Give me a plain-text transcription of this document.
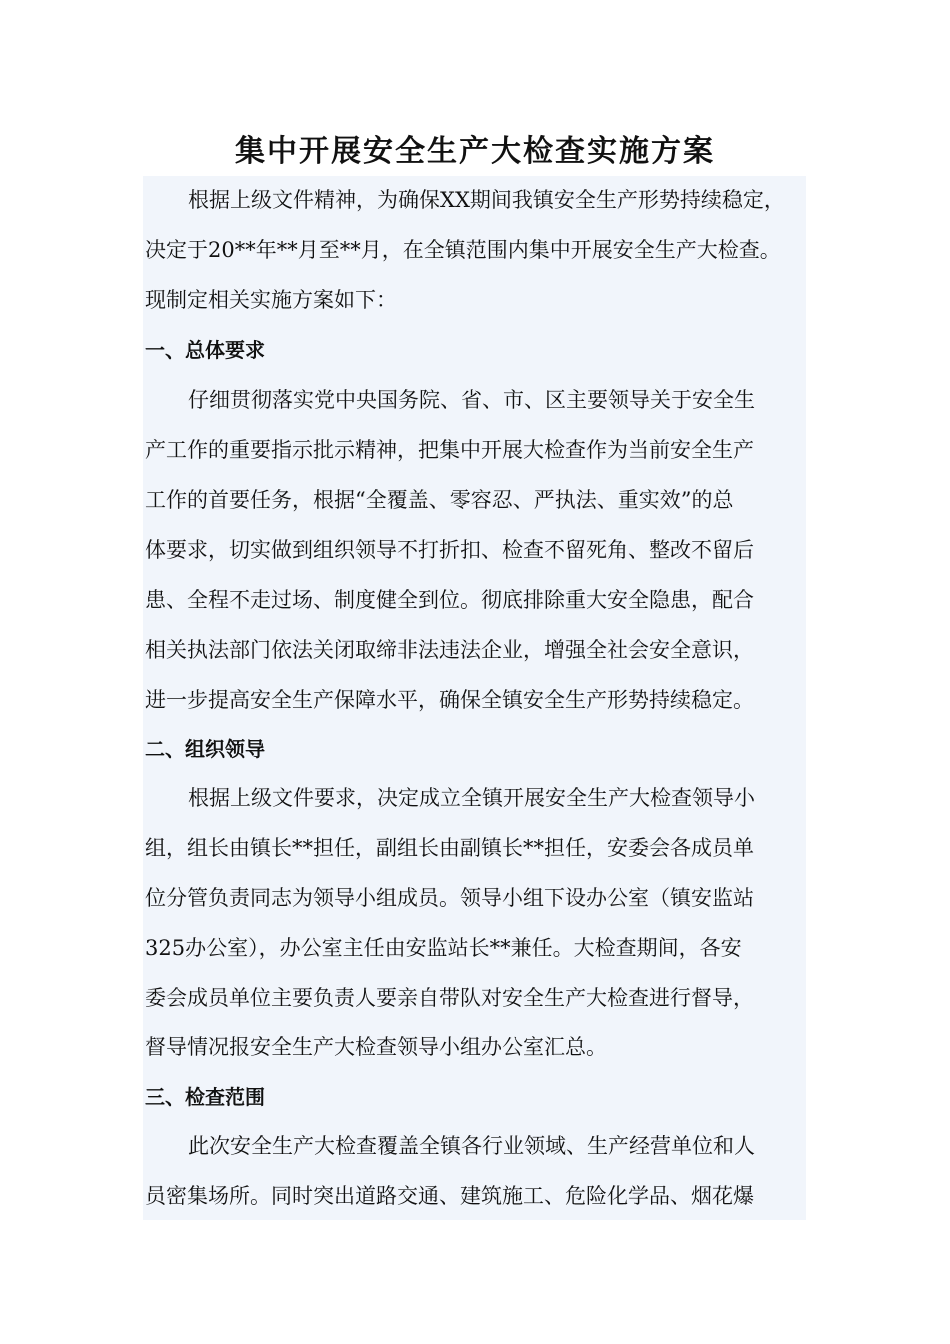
集中开展安全生产大检查实施方案
根据上级文件精神，为确保XX期间我镇安全生产形势持续稳定，
决定于20**年**月至**月，在全镇范围内集中开展安全生产大检查。
现制定相关实施方案如下：
一、总体要求
仔细贯彻落实党中央国务院、省、市、区主要领导关于安全生
产工作的重要指示批示精神，把集中开展大检查作为当前安全生产
工作的首要任务，根据“全覆盖、零容忍、严执法、重实效”的总
体要求，切实做到组织领导不打折扣、检查不留死角、整改不留后
患、全程不走过场、制度健全到位。彻底排除重大安全隐患，配合
相关执法部门依法关闭取缔非法违法企业，增强全社会安全意识，
进一步提高安全生产保障水平，确保全镇安全生产形势持续稳定。
二、组织领导
根据上级文件要求，决定成立全镇开展安全生产大检查领导小
组，组长由镇长**担任，副组长由副镇长**担任，安委会各成员单
位分管负责同志为领导小组成员。领导小组下设办公室（镇安监站
325办公室），办公室主任由安监站长**兼任。大检查期间，各安
委会成员单位主要负责人要亲自带队对安全生产大检查进行督导，
督导情况报安全生产大检查领导小组办公室汇总。
三、检查范围
此次安全生产大检查覆盖全镇各行业领域、生产经营单位和人
员密集场所。同时突出道路交通、建筑施工、危险化学品、烟花爆
